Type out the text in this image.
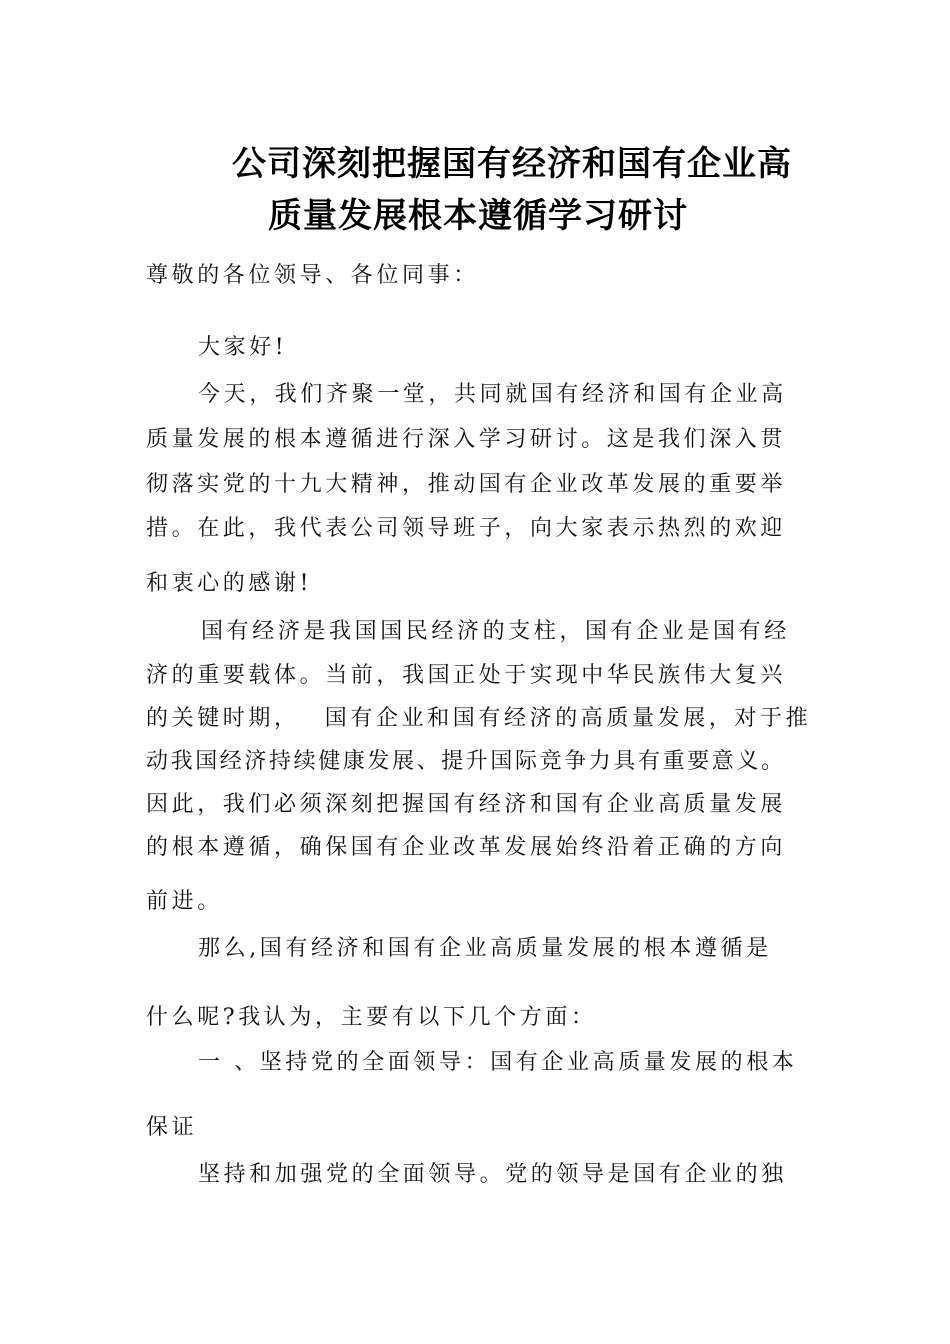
公司深刻把握国有经济和国有企业高
质量发展根本遵循学习研讨
尊敬的各位领导、各位同事：
大家好!
今天，我们齐聚一堂，共同就国有经济和国有企业高
质量发展的根本遵循进行深入学习研讨。这是我们深入贯
彻落实党的十九大精神，推动国有企业改革发展的重要举
措。在此，我代表公司领导班子，向大家表示热烈的欢迎
和衷心的感谢!
国有经济是我国国民经济的支柱，国有企业是国有经
济的重要载体。当前，我国正处于实现中华民族伟大复兴
的关键时期，　 国有企业和国有经济的高质量发展，对于推
动我国经济持续健康发展、提升国际竞争力具有重要意义。
因此，我们必须深刻把握国有经济和国有企业高质量发展
的根本遵循，确保国有企业改革发展始终沿着正确的方向
前进。
那么,国有经济和国有企业高质量发展的根本遵循是
什么呢?我认为，主要有以下几个方面：
一 、坚持党的全面领导：国有企业高质量发展的根本
保证
坚持和加强党的全面领导。党的领导是国有企业的独
